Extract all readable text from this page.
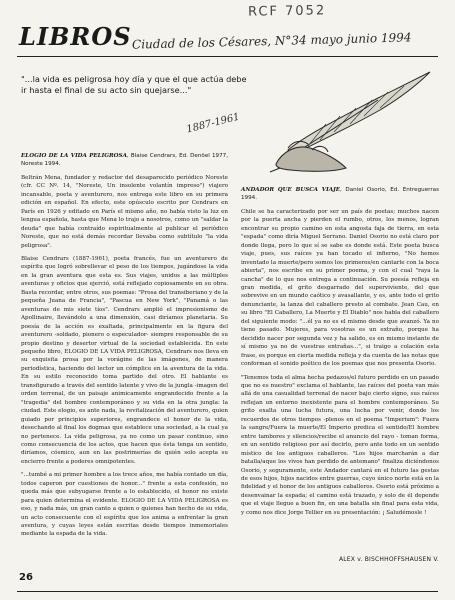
RCF 7052
LIBROS Ciudad de los Césares, N°34 mayo junio 1994
"...la vida es peligrosa hoy día y que el que actúa debe ir hasta el final de su acto sin quejarse..."
1887-1961

ELOGIO DE LA VIDA PELIGROSA, Blaise Cendrars, Ed. Denöel 1977, Noreste 1994.

Beltrán Mena, fundador y redactor del desaparecido periódico Noreste (cfr. CC Nº. 14, "Noreste, Un insolente volantín impreso") viajero incansable, poeta y aventurero, nos entrega este libro en su primera edición en español. En efecto, este opúsculo escrito por Cendrars en París en 1926 y editado en París el mismo año, no había visto la luz en lengua española, hasta que Mena lo trajo a nosotros, como un "saldar la deuda" que había contraído espiritualmente al publicar el periódico Noreste, que no está demás recordar llevaba como subtítulo "la vida peligrosa".

Blaise Cendrars (1887-1961), poeta francés, fue un aventurero de espíritu que logró sobrellevar el peso de los tiempos, jugándose la vida en la gran aventura que esta es. Sus viajes, unidos a las múltiples aventuras y oficios que ejerció, está reflejado copiosamente en su obra. Basta recordar, entre otros, sus poemas: "Prosa del transiberiano y de la pequeña Juana de Francia", "Pascua en New York", "Panamá o las aventuras de mis siete tíos". Cendrars amplió el impresionismo de Apollinaire, llevándolo a una dimensión, casi diríamos planetaria. Su poesía de la acción es exaltada, principalmente en la figura del aventurero -soldado, pionero o especulador- siempre responsable de su propio destino y desertor virtual de la sociedad establecida. En este pequeño libro, ELOGIO DE LA VIDA PELIGROSA, Cendrars nos lleva en su exquisita prosa por la vorágine de las imágenes, de manera periodística, haciendo del lector un cómplice en la aventura de la vida. En su estilo reconocido toma partido del otro. El hablante es transfigurado a través del sentido latente y vivo de la jungla -imagen del orden terrenal, de un paisaje animicamente engrandecido frente a la "tragedia" del hombre contemporáneo y su vida en la otra jungla: la ciudad. Este elogio, es ante nada, la revitalización del aventurero, quien guiado por principios superiores, engrandece el honor de la vida, desechando al final los dogmas que establece una sociedad, a la cual ya no pertenece. La vida peligrosa, ya no como un pasar continuo, sino como consecuencia de los actos, que hacen que ésta tenga un sentido, diríamos, cósmico, aun en las postrimerías de quién solo acepta su encierro frente a poderes omnipotentes.

"...tumbé a mi primer hombre a los trece años, me había contado un día, todos caperon por cuestiones de honor..." frente a esta confesión, no queda más que subyugarse frente a lo establecido, el honor no existe para quien determina el evidente. ELOGIO DE LA VIDA PELIGROSA es eso, y nada más, un gran canto a quien o quienes han hecho de su vida, un acto consecuente con el espíritu que los anima a enfrentar la gran aventura, y cuyas leyes están escritas desde tiempos inmemoriales mediante la espada de la vida.

ANDADOR QUE BUSCA VIAJE, Daniel Osorio, Ed. Entreguerras 1994.

Chile se ha caracterizado por ser un país de poetas; muchos nacen por la puerta ancha y pierden el rumbo, otros, los menos, logran encontrar su propio camino en esta angosta faja de tierra, en esta "espada" como diría Miguel Serrano. Daniel Osorio no está claro por donde llega, pero lo que sí se sabe es donde está. Este poeta busca viaje, pues, sus raíces ya han tocado el infierno, "No hemos inventado la muerte/pero somos los primeros/en cantarle con la boca abierta", nos escribe en su primer poema, y con el cual "raya la cancha" de lo que nos entrega a continuación. Su poesía refleja en gran medida, el grito desgarrado del superviviente, del que sobrevive en un mundo caótico y avasallante, y es, ante todo el grito denunciante, la lanza del caballero presto al combate. Jean Cau, en su libro "El Caballero, La Muerte y El Diablo" nos habla del caballero del siguiente modo: "...él ya no es el mismo desde que avanzó. Ya no tiene pasado. Mujeres, para vosotras es un extraño, porque ha decidido nacer por segunda vez y ha salido, es en mismo instante de sí mismo ya no de vuestras entrañas...", si traigo a colación esta frase, es porque en cierta medida refleja y da cuenta de las notas que conforman el sonido poético de los poemas que nos presenta Osorio.

"Tenemos toda el alma hecha pedazos/el futuro perdido en un pasado que no es nuestro" exclama el hablante, las raíces del poeta van más allá de una casualidad terrenal de nacer bajo cierto signo, sus raíces reflejan un entorno inexistente para el hombre contemporáneo. Su grito exalta una lucha futura, una lucha por venir, donde los recuerdos de otros tiempos -plenos en el poema "Imperium": Fuera la sangre/Fuera la muerte/El Imperio predica el sentido/El hombre entre tambores y silencios/recibe el anuncio del rayo - toman forma, en un sentido religioso por así decirlo, pero ante todo en un sentido místico de los antiguos caballeros. "Los hijos marcharán a dar batalla/aque los vivos han perdido de antemano" finaliza diciéndonos Osorio, y seguramente, este Andador cantará en el futuro las gestas de esos hijos, hijos nacidos entre guerras, cuyo único norte está en la fidelidad y el honor de los antiguos caballeros. Osorio está próximo a desenvainar la espada; el camino está trazado, y solo de él depende que el viaje llegue a buen fin, en una batalla sin final para esta vida, y como nos dice Jorge Tellier en su presentación: ¡ Saludémosle !

ALEX v. BISCHHOFFSHAUSEN V.
26
